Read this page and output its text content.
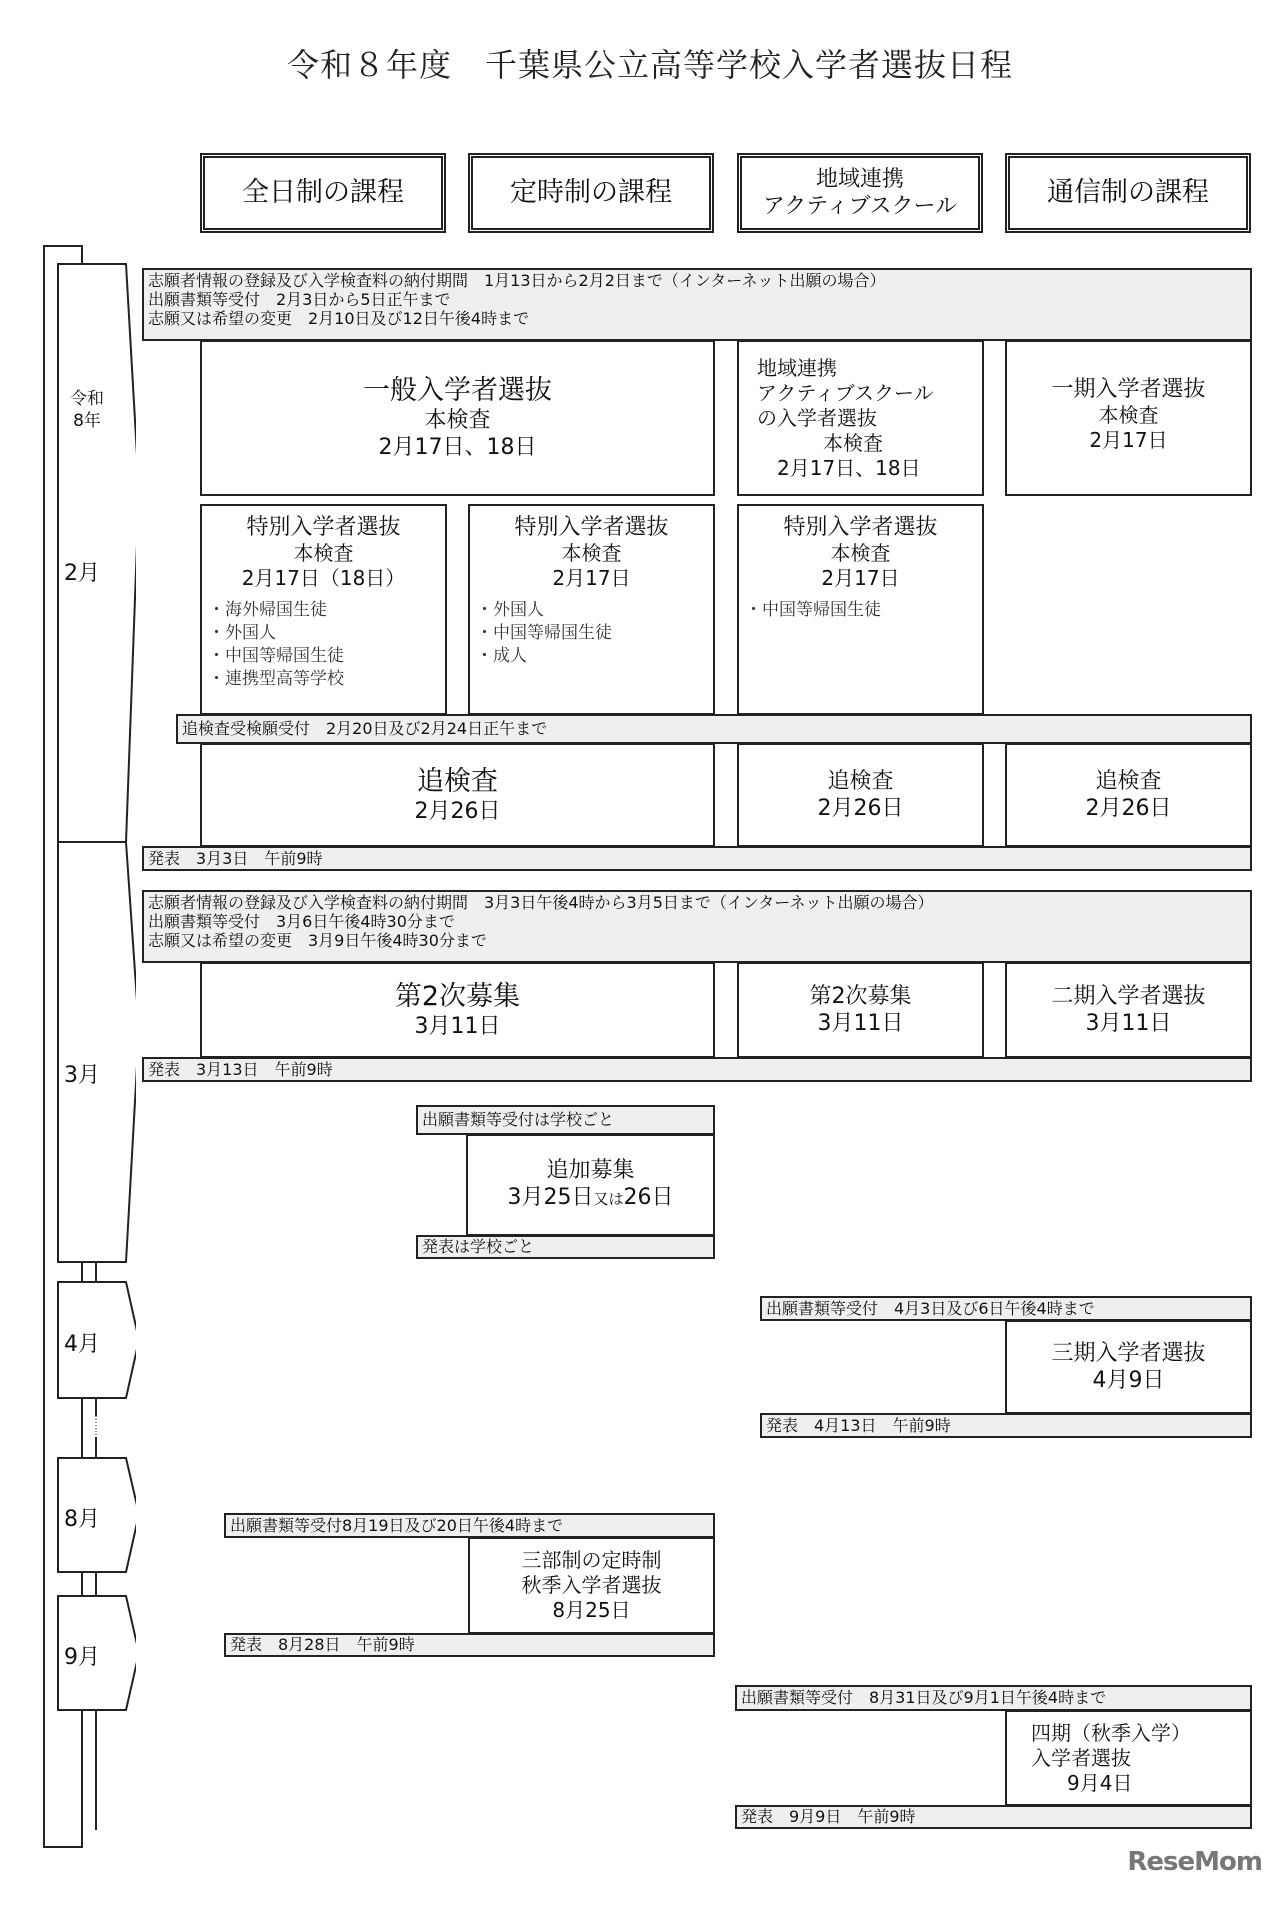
令和８年度　千葉県公立高等学校入学者選抜日程
全日制の課程	定時制の課程	地域連携
アクティブスクール	通信制の課程
令和
8年
2月
3月
4月
8月
9月
志願者情報の登録及び入学検査料の納付期間　1月13日から2月2日まで（インターネット出願の場合）
出願書類等受付　2月3日から5日正午まで
志願又は希望の変更　2月10日及び12日午後4時まで
一般入学者選抜
本検査
2月17日、18日
地域連携
アクティブスクール
の入学者選抜
本検査
2月17日、18日
一期入学者選抜
本検査
2月17日
特別入学者選抜
本検査
2月17日（18日）
・ 海外帰国生徒
・ 外国人
・ 中国等帰国生徒
・ 連携型高等学校
特別入学者選抜
本検査
2月17日
・ 外国人
・ 中国等帰国生徒
・ 成人
特別入学者選抜
本検査
2月17日
・ 中国等帰国生徒
追検査受検願受付　2月20日及び2月24日正午まで
追検査
2月26日
追検査
2月26日
追検査
2月26日
発表　3月3日　午前9時
志願者情報の登録及び入学検査料の納付期間　3月3日午後4時から3月5日まで（インターネット出願の場合）
出願書類等受付　3月6日午後4時30分まで
志願又は希望の変更　3月9日午後4時30分まで
第2次募集
3月11日
第2次募集
3月11日
二期入学者選抜
3月11日
発表　3月13日　午前9時
出願書類等受付は学校ごと
追加募集
3月25日又は26日
発表は学校ごと
出願書類等受付　4月3日及び6日午後4時まで
三期入学者選抜
4月9日
発表　4月13日　午前9時
出願書類等受付8月19日及び20日午後4時まで
三部制の定時制
秋季入学者選抜
8月25日
発表　8月28日　午前9時
出願書類等受付　8月31日及び9月1日午後4時まで
四期（秋季入学）
入学者選抜
9月4日
発表　9月9日　午前9時
ReseMom
